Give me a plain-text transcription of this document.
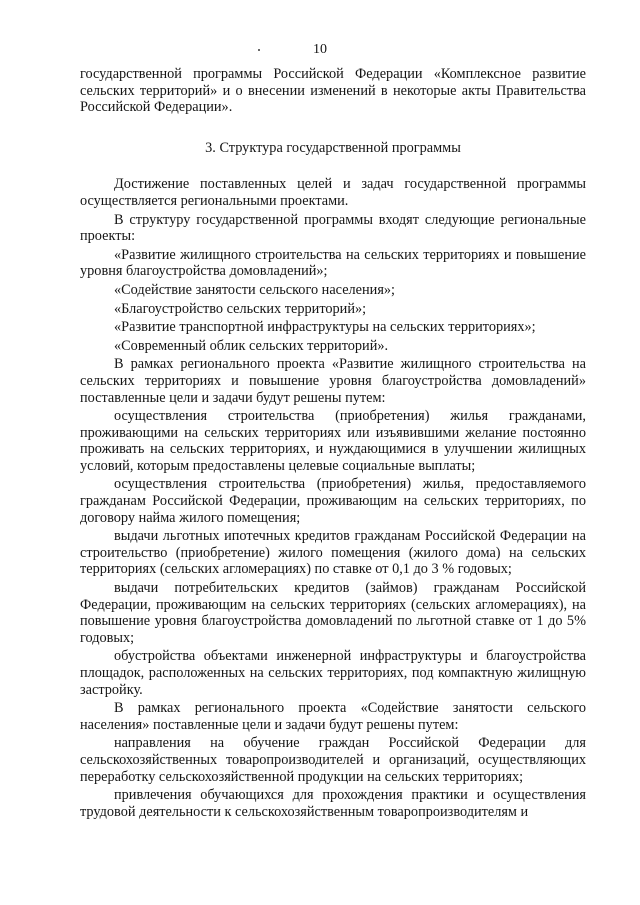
10

государственной программы Российской Федерации «Комплексное развитие сельских территорий» и о внесении изменений в некоторые акты Правительства Российской Федерации».

3. Структура государственной программы

Достижение поставленных целей и задач государственной программы осуществляется региональными проектами.

В структуру государственной программы входят следующие региональные проекты:

«Развитие жилищного строительства на сельских территориях и повышение уровня благоустройства домовладений»;

«Содействие занятости сельского населения»;

«Благоустройство сельских территорий»;

«Развитие транспортной инфраструктуры на сельских территориях»;

«Современный облик сельских территорий».

В рамках регионального проекта «Развитие жилищного строительства на сельских территориях и повышение уровня благоустройства домовладений» поставленные цели и задачи будут решены путем:

осуществления строительства (приобретения) жилья гражданами, проживающими на сельских территориях или изъявившими желание постоянно проживать на сельских территориях, и нуждающимися в улучшении жилищных условий, которым предоставлены целевые социальные выплаты;

осуществления строительства (приобретения) жилья, предоставляемого гражданам Российской Федерации, проживающим на сельских территориях, по договору найма жилого помещения;

выдачи льготных ипотечных кредитов гражданам Российской Федерации на строительство (приобретение) жилого помещения (жилого дома) на сельских территориях (сельских агломерациях) по ставке от 0,1 до 3 % годовых;

выдачи потребительских кредитов (займов) гражданам Российской Федерации, проживающим на сельских территориях (сельских агломерациях), на повышение уровня благоустройства домовладений по льготной ставке от 1 до 5% годовых;

обустройства объектами инженерной инфраструктуры и благоустройства площадок, расположенных на сельских территориях, под компактную жилищную застройку.

В рамках регионального проекта «Содействие занятости сельского населения» поставленные цели и задачи будут решены путем:

направления на обучение граждан Российской Федерации для сельскохозяйственных товаропроизводителей и организаций, осуществляющих переработку сельскохозяйственной продукции на сельских территориях;

привлечения обучающихся для прохождения практики и осуществления трудовой деятельности к сельскохозяйственным товаропроизводителям и
